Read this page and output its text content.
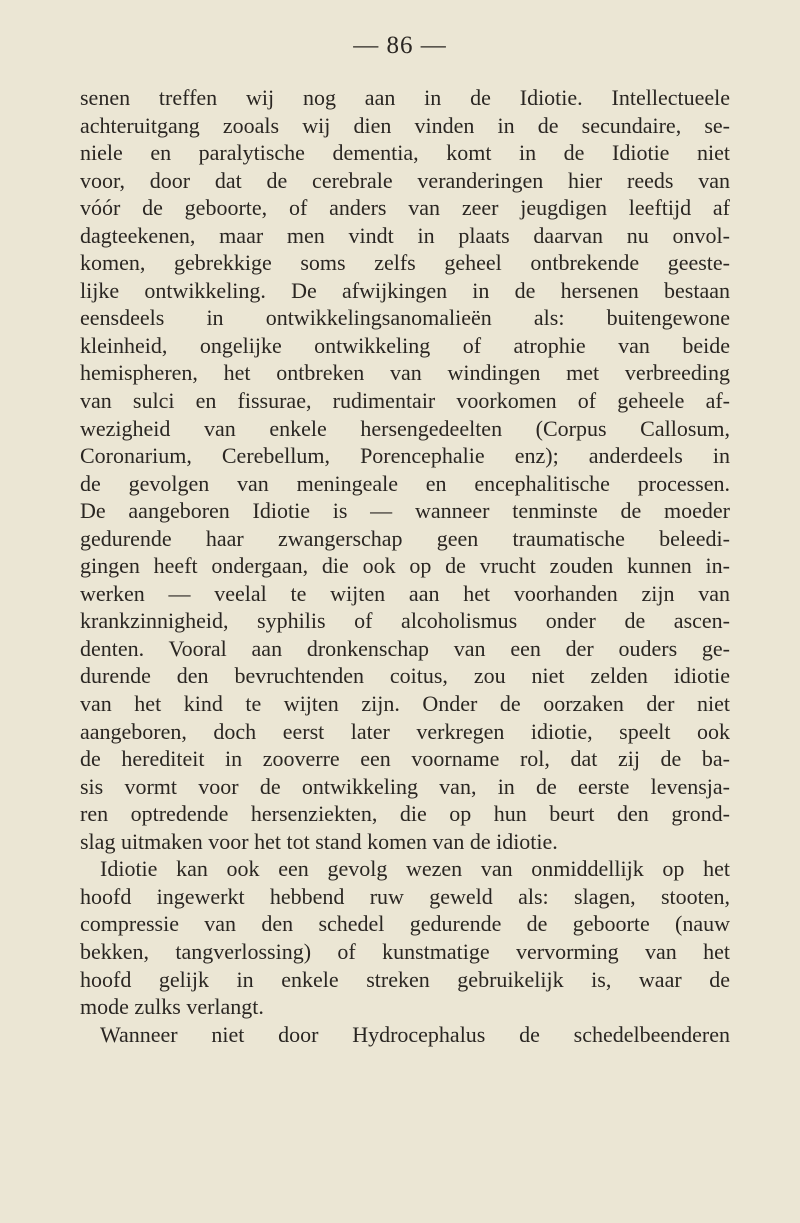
— 86 —
senen treffen wij nog aan in de Idiotie. Intellectueele
achteruitgang zooals wij dien vinden in de secundaire, se-
niele en paralytische dementia, komt in de Idiotie niet
voor, door dat de cerebrale veranderingen hier reeds van
vóór de geboorte, of anders van zeer jeugdigen leeftijd af
dagteekenen, maar men vindt in plaats daarvan nu onvol-
komen, gebrekkige soms zelfs geheel ontbrekende geeste-
lijke ontwikkeling. De afwijkingen in de hersenen bestaan
eensdeels in ontwikkelingsanomalieën als: buitengewone
kleinheid, ongelijke ontwikkeling of atrophie van beide
hemispheren, het ontbreken van windingen met verbreeding
van sulci en fissurae, rudimentair voorkomen of geheele af-
wezigheid van enkele hersengedeelten (Corpus Callosum,
Coronarium, Cerebellum, Porencephalie enz); anderdeels in
de gevolgen van meningeale en encephalitische processen.
De aangeboren Idiotie is — wanneer tenminste de moeder
gedurende haar zwangerschap geen traumatische beleedi-
gingen heeft ondergaan, die ook op de vrucht zouden kunnen in-
werken — veelal te wijten aan het voorhanden zijn van
krankzinnigheid, syphilis of alcoholismus onder de ascen-
denten. Vooral aan dronkenschap van een der ouders ge-
durende den bevruchtenden coitus, zou niet zelden idiotie
van het kind te wijten zijn. Onder de oorzaken der niet
aangeboren, doch eerst later verkregen idiotie, speelt ook
de herediteit in zooverre een voorname rol, dat zij de ba-
sis vormt voor de ontwikkeling van, in de eerste levensja-
ren optredende hersenziekten, die op hun beurt den grond-
slag uitmaken voor het tot stand komen van de idiotie.
Idiotie kan ook een gevolg wezen van onmiddellijk op het
hoofd ingewerkt hebbend ruw geweld als: slagen, stooten,
compressie van den schedel gedurende de geboorte (nauw
bekken, tangverlossing) of kunstmatige vervorming van het
hoofd gelijk in enkele streken gebruikelijk is, waar de
mode zulks verlangt.
Wanneer niet door Hydrocephalus de schedelbeenderen
